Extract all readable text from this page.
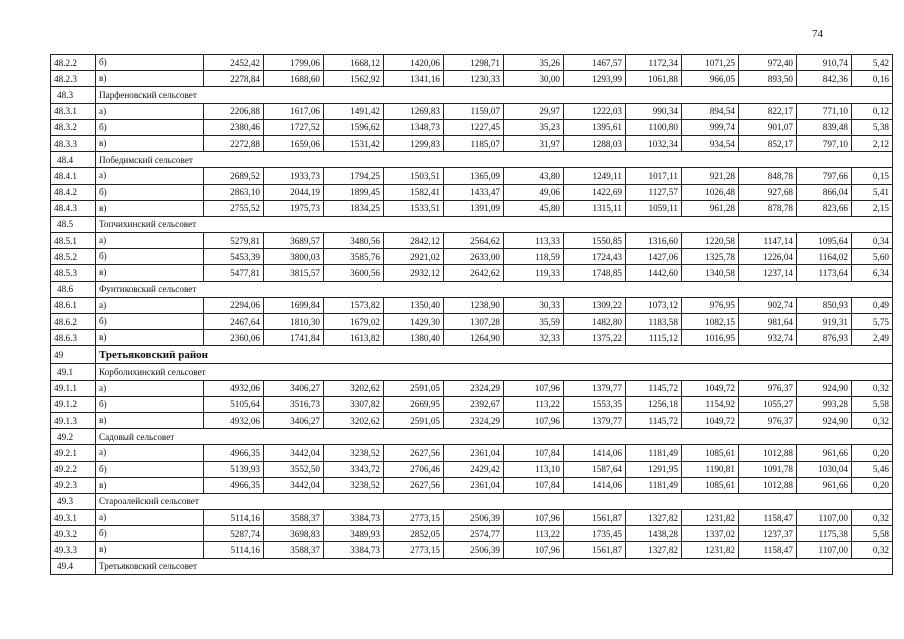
74
48.2.2	б)	2452,42	1799,06	1668,12	1420,06	1298,71	35,26	1467,57	1172,34	1071,25	972,40	910,74	5,42
48.2.3	в)	2278,84	1688,60	1562,92	1341,16	1230,33	30,00	1293,99	1061,88	966,05	893,50	842,36	0,16
48.3	Парфеновский сельсовет												
48.3.1	а)	2206,88	1617,06	1491,42	1269,83	1159,07	29,97	1222,03	990,34	894,54	822,17	771,10	0,12
48.3.2	б)	2380,46	1727,52	1596,62	1348,73	1227,45	35,23	1395,61	1100,80	999,74	901,07	839,48	5,38
48.3.3	в)	2272,88	1659,06	1531,42	1299,83	1185,07	31,97	1288,03	1032,34	934,54	852,17	797,10	2,12
48.4	Победимский сельсовет												
48.4.1	а)	2689,52	1933,73	1794,25	1503,51	1365,09	43,80	1249,11	1017,11	921,28	848,78	797,66	0,15
48.4.2	б)	2863,10	2044,19	1899,45	1582,41	1433,47	49,06	1422,69	1127,57	1026,48	927,68	866,04	5,41
48.4.3	в)	2755,52	1975,73	1834,25	1533,51	1391,09	45,80	1315,11	1059,11	961,28	878,78	823,66	2,15
48.5	Топчихинский сельсовет												
48.5.1	а)	5279,81	3689,57	3480,56	2842,12	2564,62	113,33	1550,85	1316,60	1220,58	1147,14	1095,64	0,34
48.5.2	б)	5453,39	3800,03	3585,76	2921,02	2633,00	118,59	1724,43	1427,06	1325,78	1226,04	1164,02	5,60
48.5.3	в)	5477,81	3815,57	3600,56	2932,12	2642,62	119,33	1748,85	1442,60	1340,58	1237,14	1173,64	6,34
48.6	Фунтиковский сельсовет												
48.6.1	а)	2294,06	1699,84	1573,82	1350,40	1238,90	30,33	1309,22	1073,12	976,95	902,74	850,93	0,49
48.6.2	б)	2467,64	1810,30	1679,02	1429,30	1307,28	35,59	1482,80	1183,58	1082,15	981,64	919,31	5,75
48.6.3	в)	2360,06	1741,84	1613,82	1380,40	1264,90	32,33	1375,22	1115,12	1016,95	932,74	876,93	2,49
49	Третьяковский район												
49.1	Корболихинский сельсовет												
49.1.1	а)	4932,06	3406,27	3202,62	2591,05	2324,29	107,96	1379,77	1145,72	1049,72	976,37	924,90	0,32
49.1.2	б)	5105,64	3516,73	3307,82	2669,95	2392,67	113,22	1553,35	1256,18	1154,92	1055,27	993,28	5,58
49.1.3	в)	4932,06	3406,27	3202,62	2591,05	2324,29	107,96	1379,77	1145,72	1049,72	976,37	924,90	0,32
49.2	Садовый сельсовет												
49.2.1	а)	4966,35	3442,04	3238,52	2627,56	2361,04	107,84	1414,06	1181,49	1085,61	1012,88	961,66	0,20
49.2.2	б)	5139,93	3552,50	3343,72	2706,46	2429,42	113,10	1587,64	1291,95	1190,81	1091,78	1030,04	5,46
49.2.3	в)	4966,35	3442,04	3238,52	2627,56	2361,04	107,84	1414,06	1181,49	1085,61	1012,88	961,66	0,20
49.3	Староалейский сельсовет												
49.3.1	а)	5114,16	3588,37	3384,73	2773,15	2506,39	107,96	1561,87	1327,82	1231,82	1158,47	1107,00	0,32
49.3.2	б)	5287,74	3698,83	3489,93	2852,05	2574,77	113,22	1735,45	1438,28	1337,02	1237,37	1175,38	5,58
49.3.3	в)	5114,16	3588,37	3384,73	2773,15	2506,39	107,96	1561,87	1327,82	1231,82	1158,47	1107,00	0,32
49.4	Третьяковский сельсовет												
